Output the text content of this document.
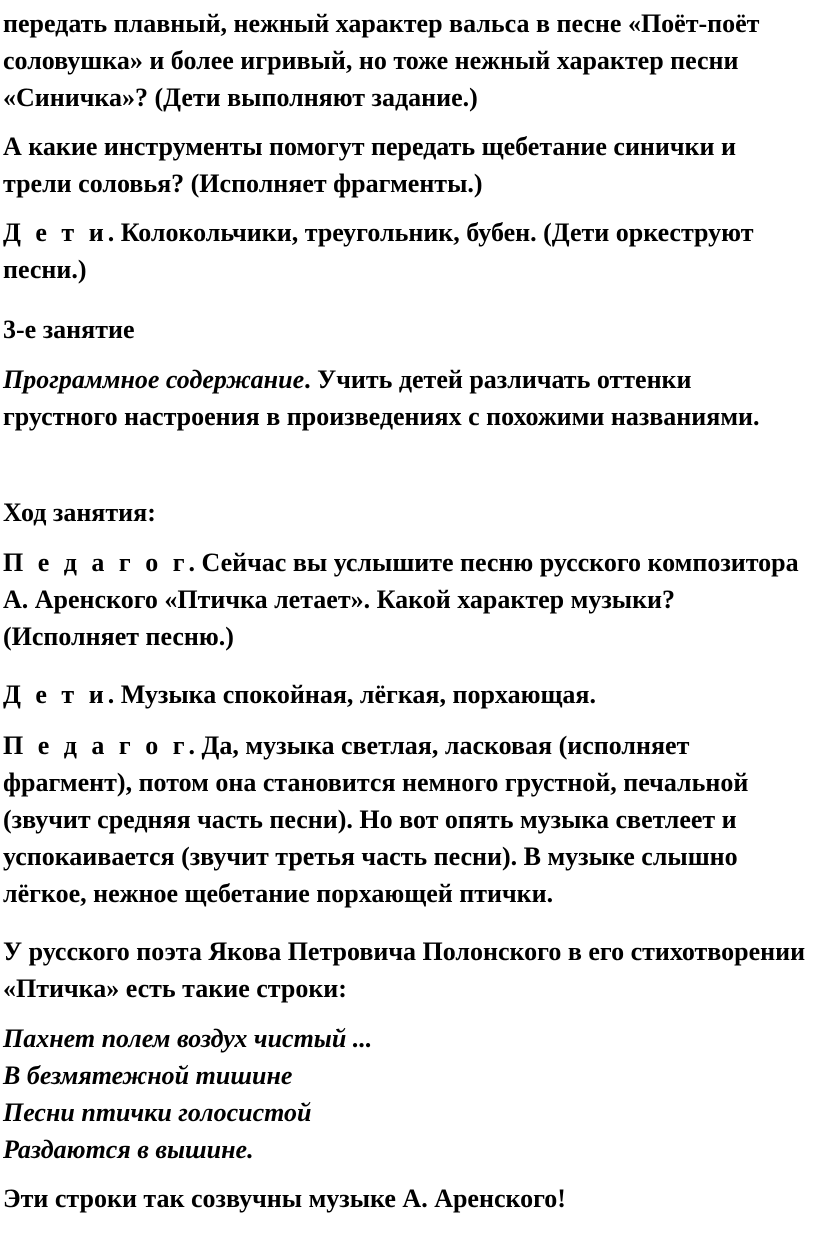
передать плавный, нежный характер вальса в песне «Поёт-поёт соловушка» и более игривый, но тоже нежный характер песни «Синичка»? (Дети выполняют задание.)

А какие инструменты помогут передать щебетание синички и трели соловья? (Исполняет фрагменты.)

Д е т и. Колокольчики, треугольник, бубен. (Дети оркеструют песни.)

3-е занятие

Программное содержание. Учить детей различать оттенки грустного настроения в произведениях с похожими названиями.

Ход занятия:

П е д а г о г. Сейчас вы услышите песню русского композитора А. Аренского «Птичка летает». Какой характер музыки? (Исполняет песню.)

Д е т и. Музыка спокойная, лёгкая, порхающая.

П е д а г о г. Да, музыка светлая, ласковая (исполняет фрагмент), потом она становится немного грустной, печальной (звучит средняя часть песни). Но вот опять музыка светлеет и успокаивается (звучит третья часть песни). В музыке слышно лёгкое, нежное щебетание порхающей птички.

У русского поэта Якова Петровича Полонского в его стихотворении «Птичка» есть такие строки:

Пахнет полем воздух чистый ...
В безмятежной тишине
Песни птички голосистой
Раздаются в вышине.

Эти строки так созвучны музыке А. Аренского!
